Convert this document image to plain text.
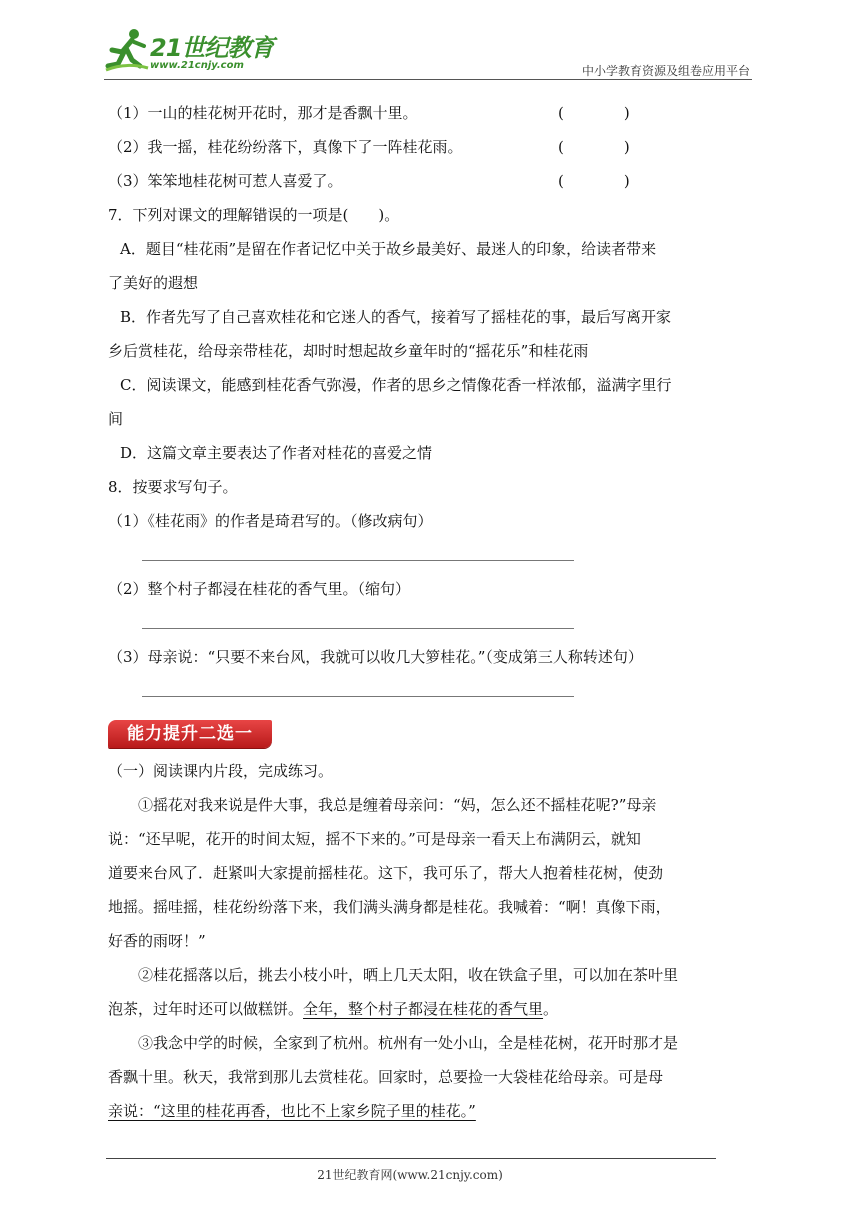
21世纪教育
www.21cnjy.com	中小学教育资源及组卷应用平台
（1）一山的桂花树开花时，那才是香飘十里。	(　　　　)
（2）我一摇，桂花纷纷落下，真像下了一阵桂花雨。	(　　　　)
（3）笨笨地桂花树可惹人喜爱了。	(　　　　)
7．下列对课文的理解错误的一项是(　　)。
A．题目“桂花雨”是留在作者记忆中关于故乡最美好、最迷人的印象，给读者带来
了美好的遐想
B．作者先写了自己喜欢桂花和它迷人的香气，接着写了摇桂花的事，最后写离开家
乡后赏桂花，给母亲带桂花，却时时想起故乡童年时的“摇花乐”和桂花雨
C．阅读课文，能感到桂花香气弥漫，作者的思乡之情像花香一样浓郁，溢满字里行
间
D．这篇文章主要表达了作者对桂花的喜爱之情
8．按要求写句子。
（1）《桂花雨》的作者是琦君写的。（修改病句）
（2）整个村子都浸在桂花的香气里。（缩句）
（3）母亲说：“只要不来台风，我就可以收几大箩桂花。”（变成第三人称转述句）
能力提升二选一
（一）阅读课内片段，完成练习。
①摇花对我来说是件大事，我总是缠着母亲问：“妈，怎么还不摇桂花呢?”母亲
说：“还早呢，花开的时间太短，摇不下来的。”可是母亲一看天上布满阴云，就知
道要来台风了．赶紧叫大家提前摇桂花。这下，我可乐了，帮大人抱着桂花树，使劲
地摇。摇哇摇，桂花纷纷落下来，我们满头满身都是桂花。我喊着：“啊！真像下雨，
好香的雨呀！”
②桂花摇落以后，挑去小枝小叶，晒上几天太阳，收在铁盒子里，可以加在茶叶里
泡茶，过年时还可以做糕饼。全年，整个村子都浸在桂花的香气里。
③我念中学的时候，全家到了杭州。杭州有一处小山，全是桂花树，花开时那才是
香飘十里。秋天，我常到那儿去赏桂花。回家时，总要捡一大袋桂花给母亲。可是母
亲说：“这里的桂花再香，也比不上家乡院子里的桂花。”
21世纪教育网(www.21cnjy.com)
